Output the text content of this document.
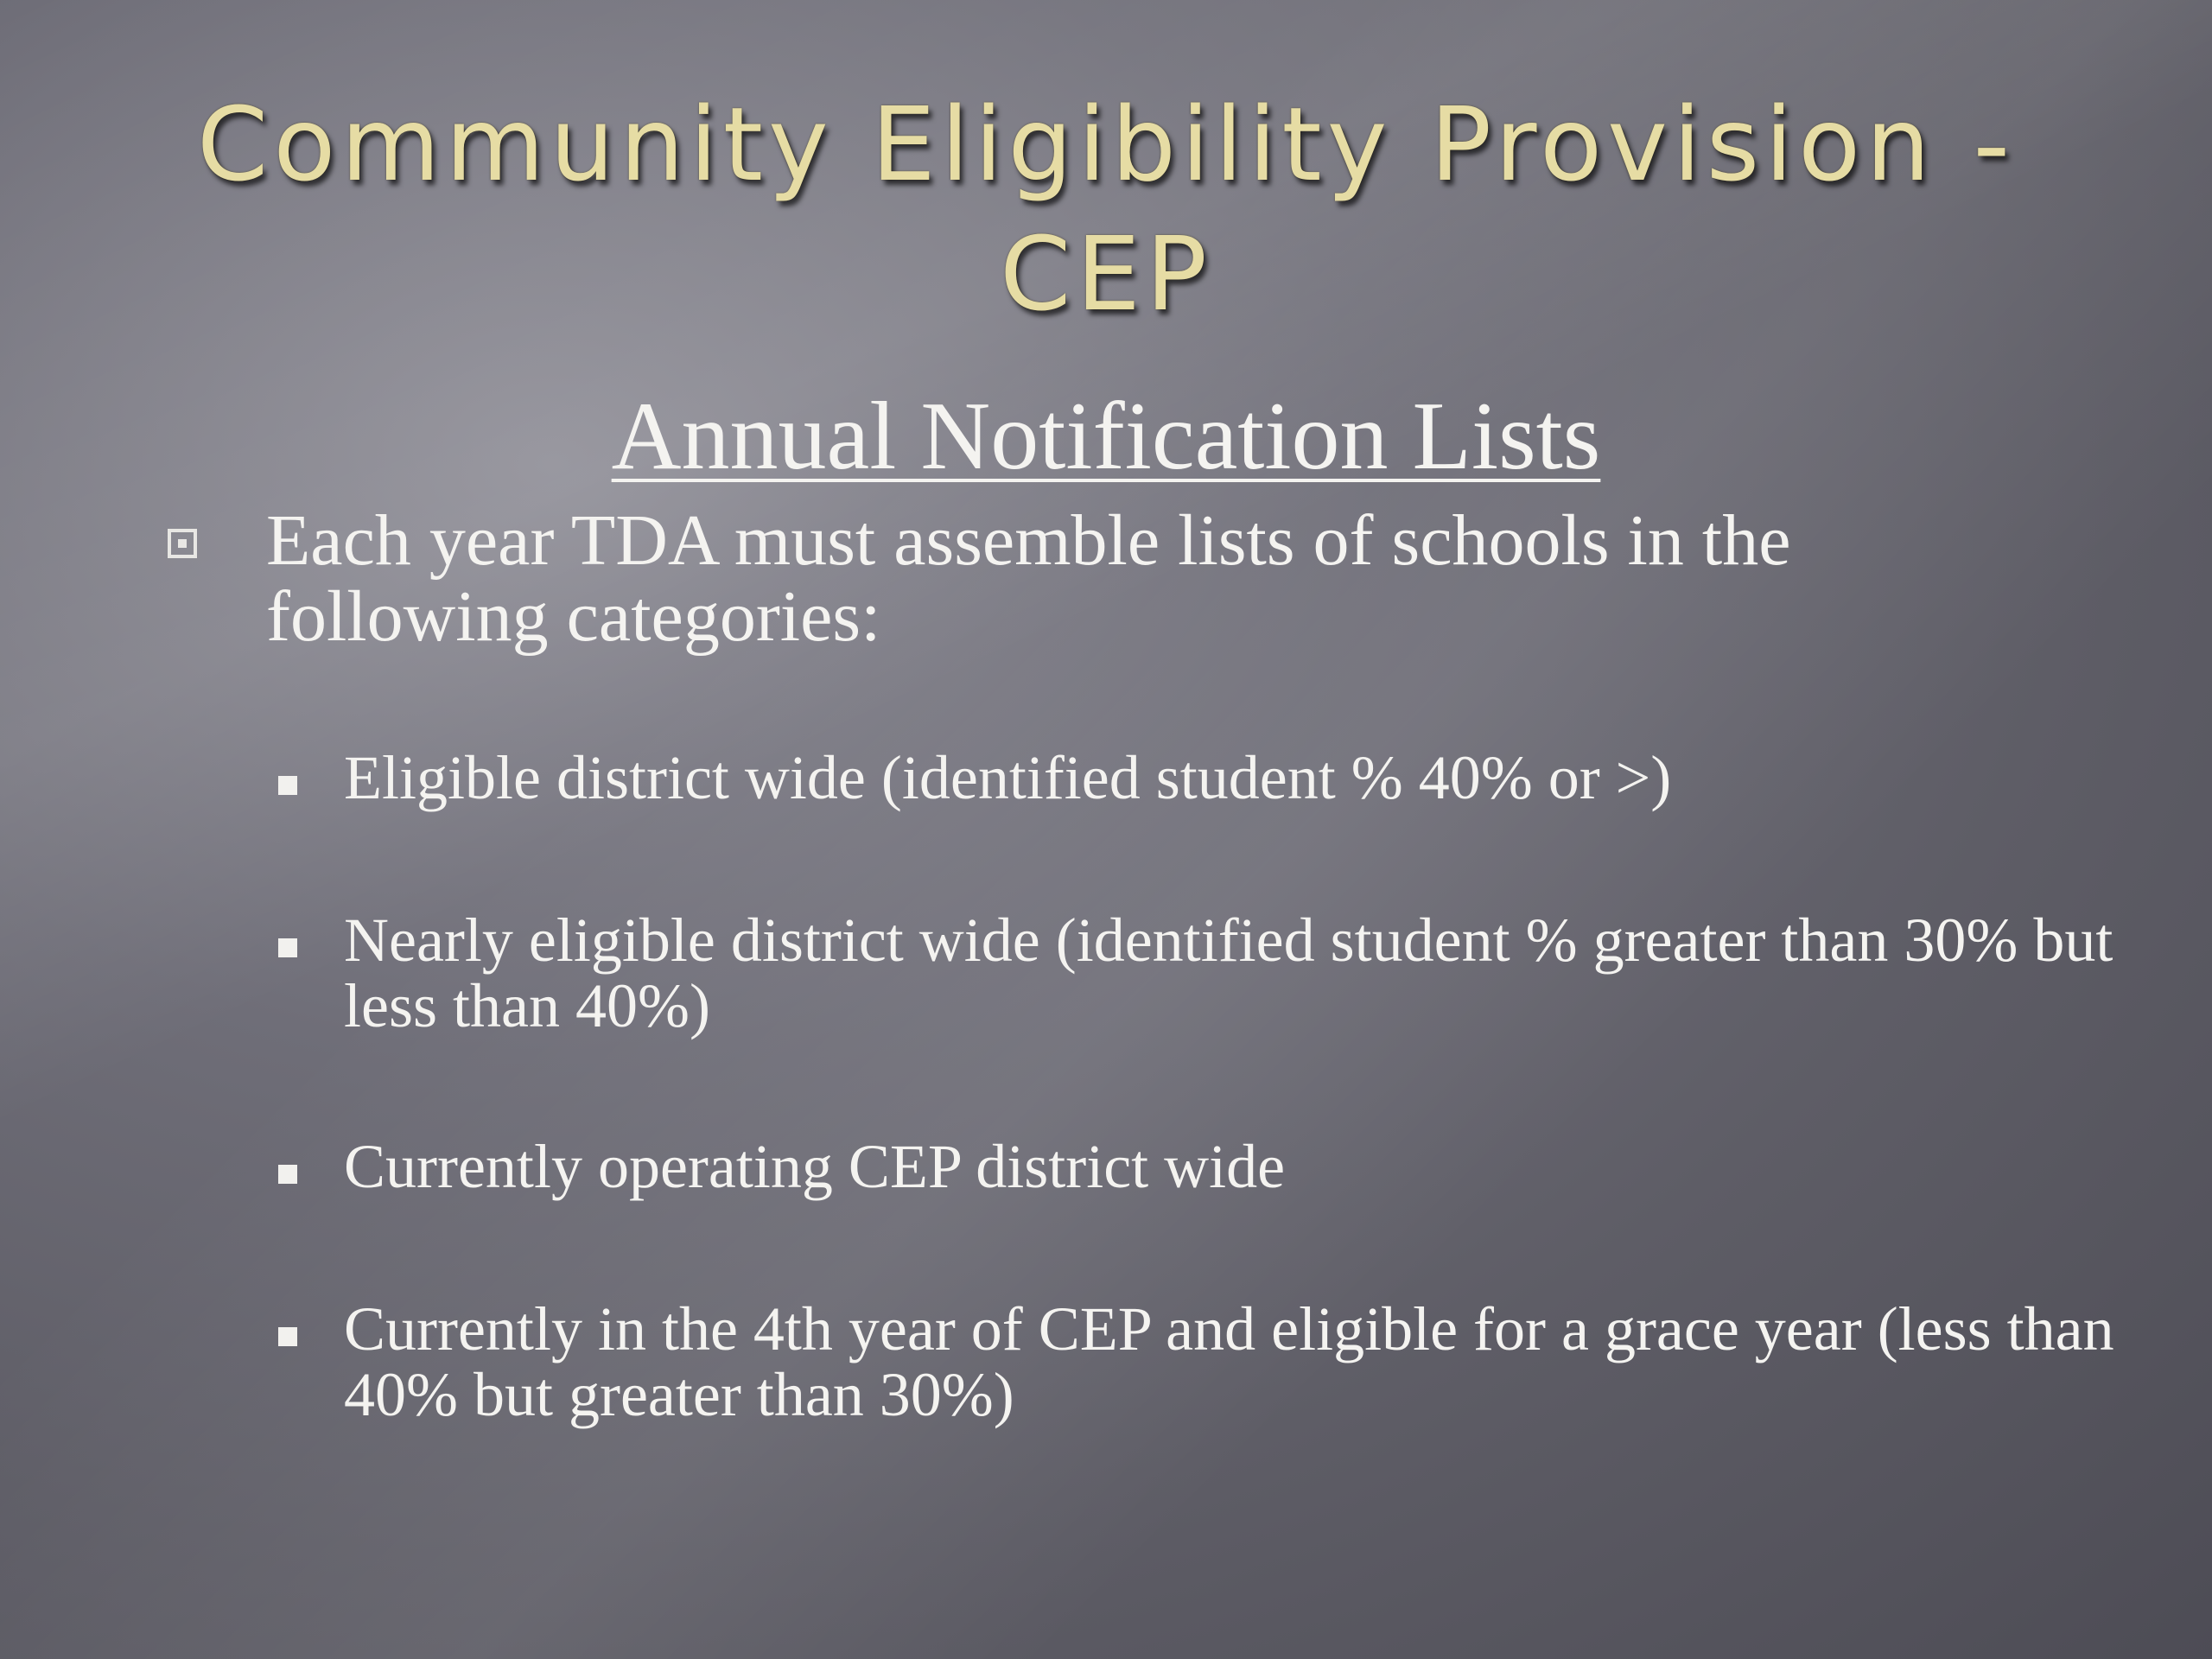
Community Eligibility Provision -
CEP
Annual Notification Lists
Each year TDA must assemble lists of schools in the following categories:
Eligible district wide (identified student % 40% or >)
Nearly eligible district wide (identified student % greater than 30% but less than 40%)
Currently operating CEP district wide
Currently in the 4th year of CEP and eligible for a grace year (less than 40% but greater than 30%)
